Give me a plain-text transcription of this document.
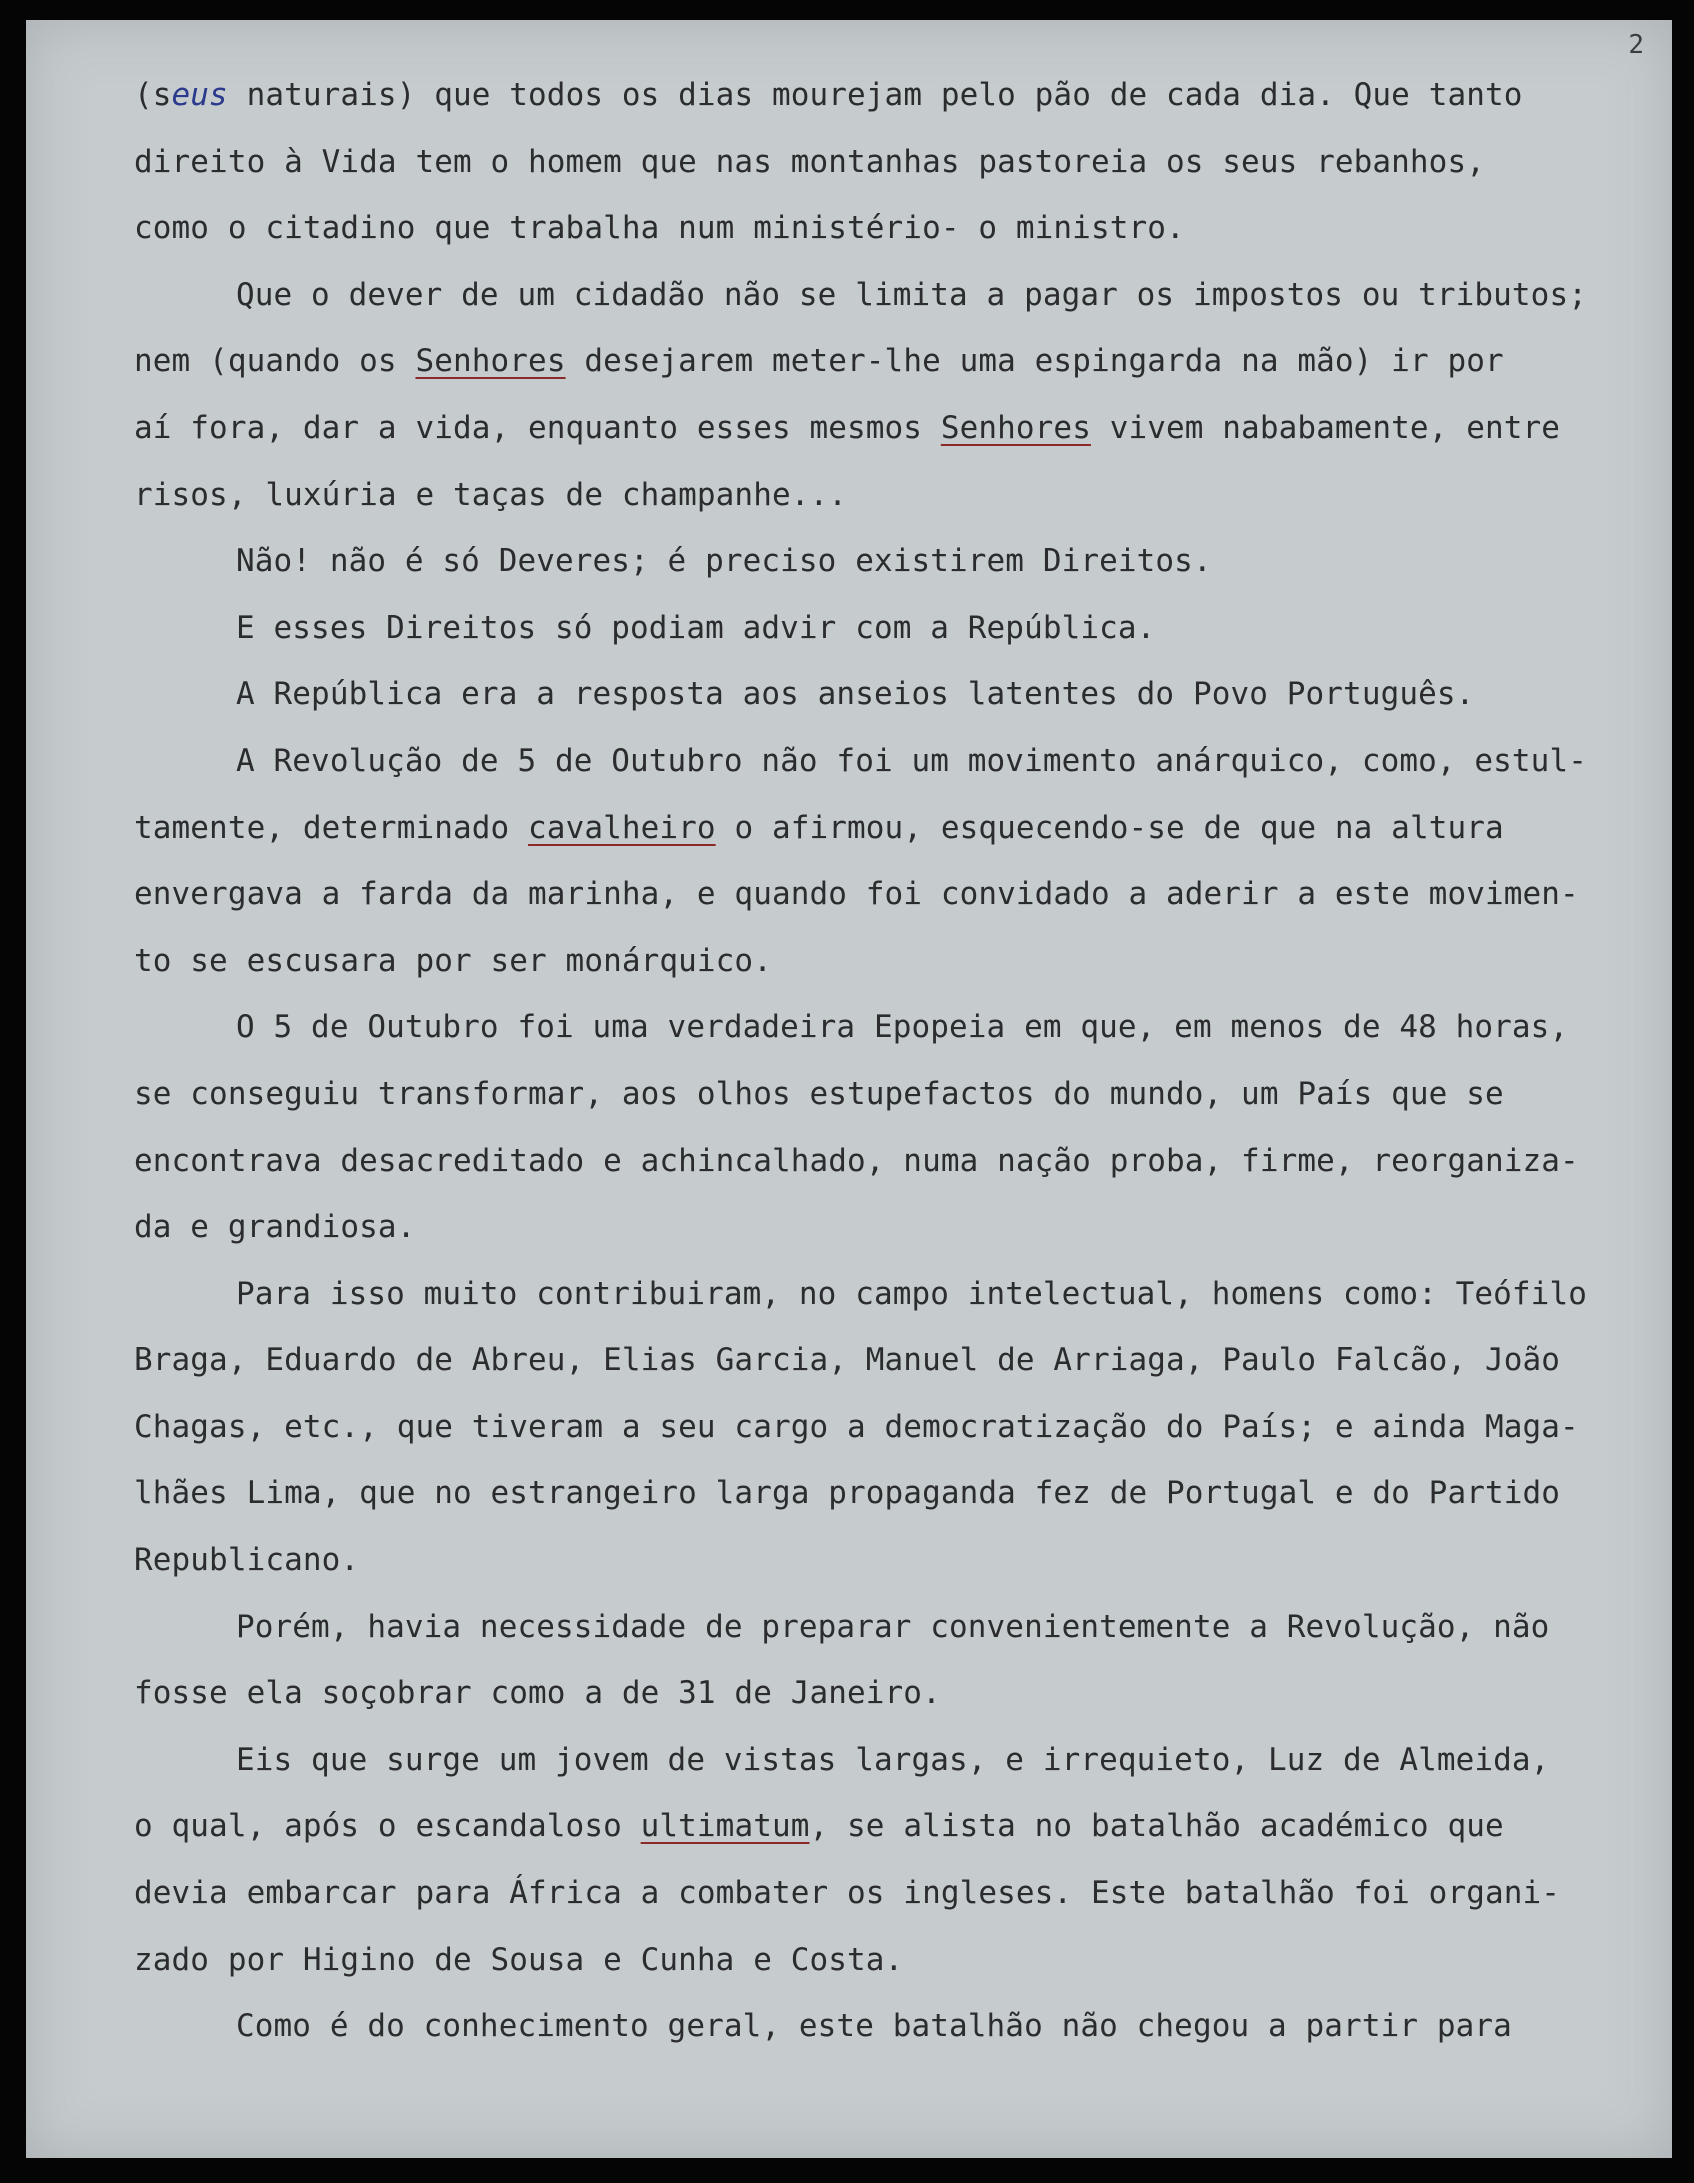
2
(seus naturais) que todos os dias mourejam pelo pão de cada dia. Que tanto
direito à Vida tem o homem que nas montanhas pastoreia os seus rebanhos,
como o citadino que trabalha num ministério- o ministro.
Que o dever de um cidadão não se limita a pagar os impostos ou tributos;
nem (quando os Senhores desejarem meter-lhe uma espingarda na mão) ir por
aí fora, dar a vida, enquanto esses mesmos Senhores vivem nababamente, entre
risos, luxúria e taças de champanhe...
Não! não é só Deveres; é preciso existirem Direitos.
E esses Direitos só podiam advir com a República.
A República era a resposta aos anseios latentes do Povo Português.
A Revolução de 5 de Outubro não foi um movimento anárquico, como, estul-
tamente, determinado cavalheiro o afirmou, esquecendo-se de que na altura
envergava a farda da marinha, e quando foi convidado a aderir a este movimen-
to se escusara por ser monárquico.
O 5 de Outubro foi uma verdadeira Epopeia em que, em menos de 48 horas,
se conseguiu transformar, aos olhos estupefactos do mundo, um País que se
encontrava desacreditado e achincalhado, numa nação proba, firme, reorganiza-
da e grandiosa.
Para isso muito contribuiram, no campo intelectual, homens como: Teófilo
Braga, Eduardo de Abreu, Elias Garcia, Manuel de Arriaga, Paulo Falcão, João
Chagas, etc., que tiveram a seu cargo a democratização do País; e ainda Maga-
lhães Lima, que no estrangeiro larga propaganda fez de Portugal e do Partido
Republicano.
Porém, havia necessidade de preparar convenientemente a Revolução, não
fosse ela soçobrar como a de 31 de Janeiro.
Eis que surge um jovem de vistas largas, e irrequieto, Luz de Almeida,
o qual, após o escandaloso ultimatum, se alista no batalhão académico que
devia embarcar para África a combater os ingleses. Este batalhão foi organi-
zado por Higino de Sousa e Cunha e Costa.
Como é do conhecimento geral, este batalhão não chegou a partir para
